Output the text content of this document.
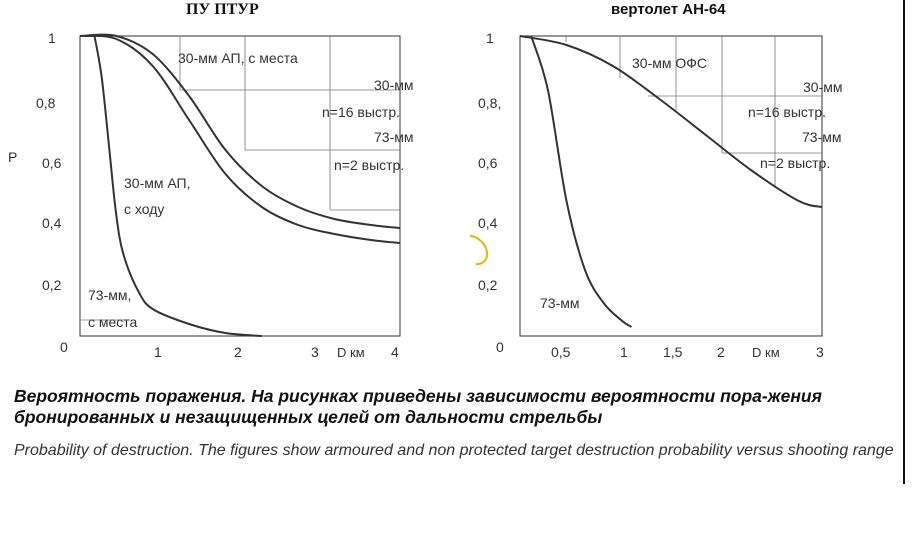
ПУ ПТУР	вертолет АН-64
1
0,8
0,6
0,4
0,2
0
P
1	2	3	4
D км
30-мм АП, с места
30-мм
n=16 выстр.
73-мм
n=2 выстр.
30-мм АП,
с ходу
73-мм,
с места
1
0,8,
0,6
0,4
0,2
0	0,5	1	1,5 2	3
D км
30-мм ОФС
30-мм
n=16 выстр.
73-мм
n=2 выстр.
73-мм
Вероятность поражения. На рисунках приведены зависимости вероятности пора-жения бронированных и незащищенных целей от дальности стрельбы
Probability of destruction. The figures show armoured and non protected target destruction probability versus shooting range
